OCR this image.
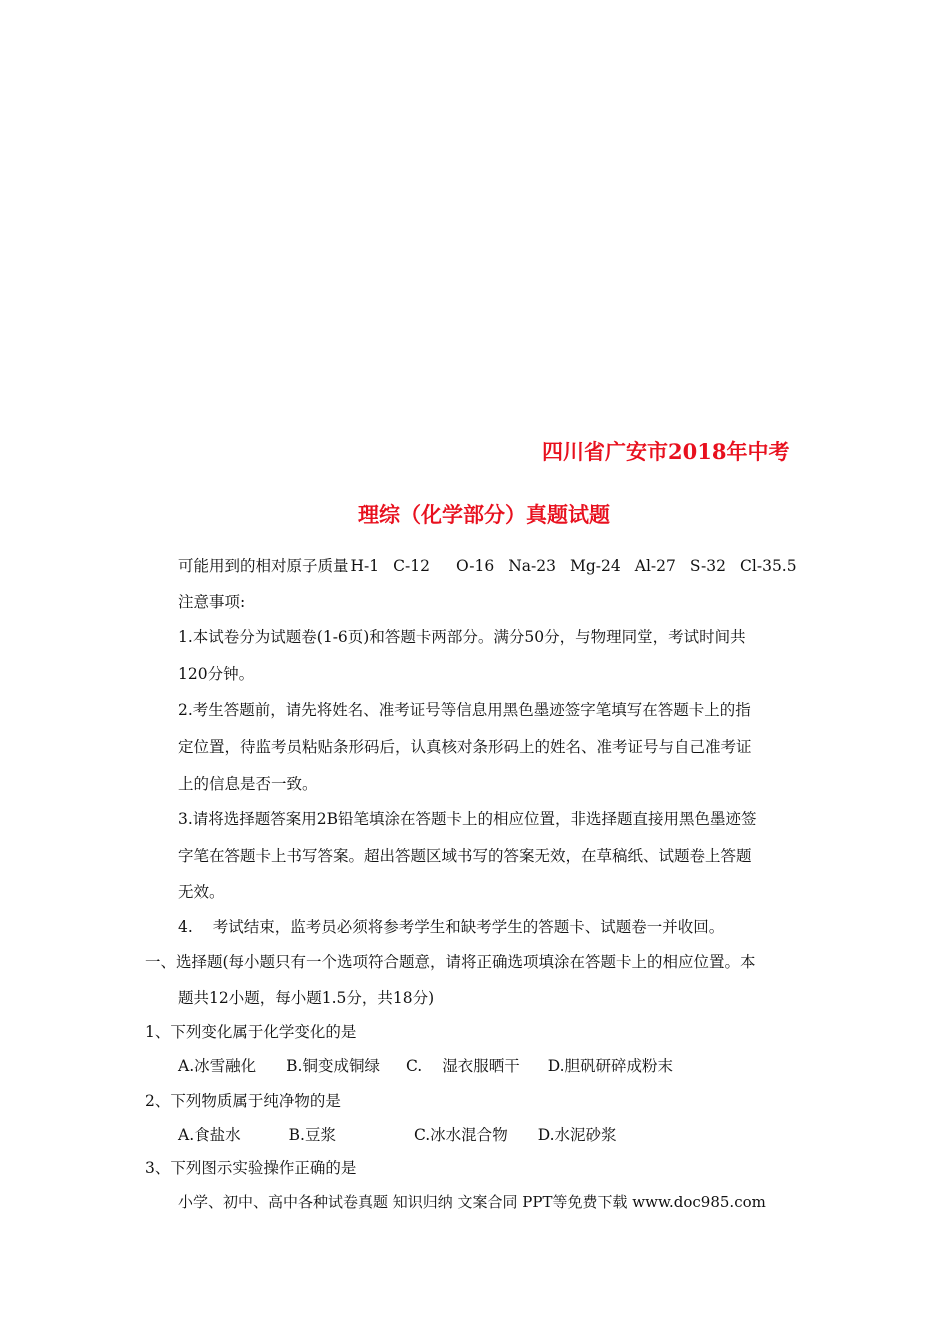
四川省广安市2018年中考
理综（化学部分）真题试题
可能用到的相对原子质量 H-1 C-12 O-16 Na-23 Mg-24 Al-27 S-32 Cl-35.5
注意事项:
1.本试卷分为试题卷(1-6页)和答题卡两部分。满分50分，与物理同堂，考试时间共
120分钟。
2.考生答题前，请先将姓名、准考证号等信息用黑色墨迹签字笔填写在答题卡上的指
定位置，待监考员粘贴条形码后，认真核对条形码上的姓名、准考证号与自己准考证
上的信息是否一致。
3.请将选择题答案用2B铅笔填涂在答题卡上的相应位置，非选择题直接用黑色墨迹签
字笔在答题卡上书写答案。超出答题区域书写的答案无效，在草稿纸、试题卷上答题
无效。
4. 考试结束，监考员必须将参考学生和缺考学生的答题卡、试题卷一并收回。
一、选择题(每小题只有一个选项符合题意，请将正确选项填涂在答题卡上的相应位置。本
题共12小题，每小题1.5分，共18分)
1、下列变化属于化学变化的是
A.冰雪融化 B.铜变成铜绿 C. 湿衣服晒干 D.胆矾研碎成粉末
2、下列物质属于纯净物的是
A.食盐水	B.豆浆	C.冰水混合物 D.水泥砂浆
3、下列图示实验操作正确的是
小学、初中、高中各种试卷真题 知识归纳 文案合同 PPT等免费下载 www.doc985.com
